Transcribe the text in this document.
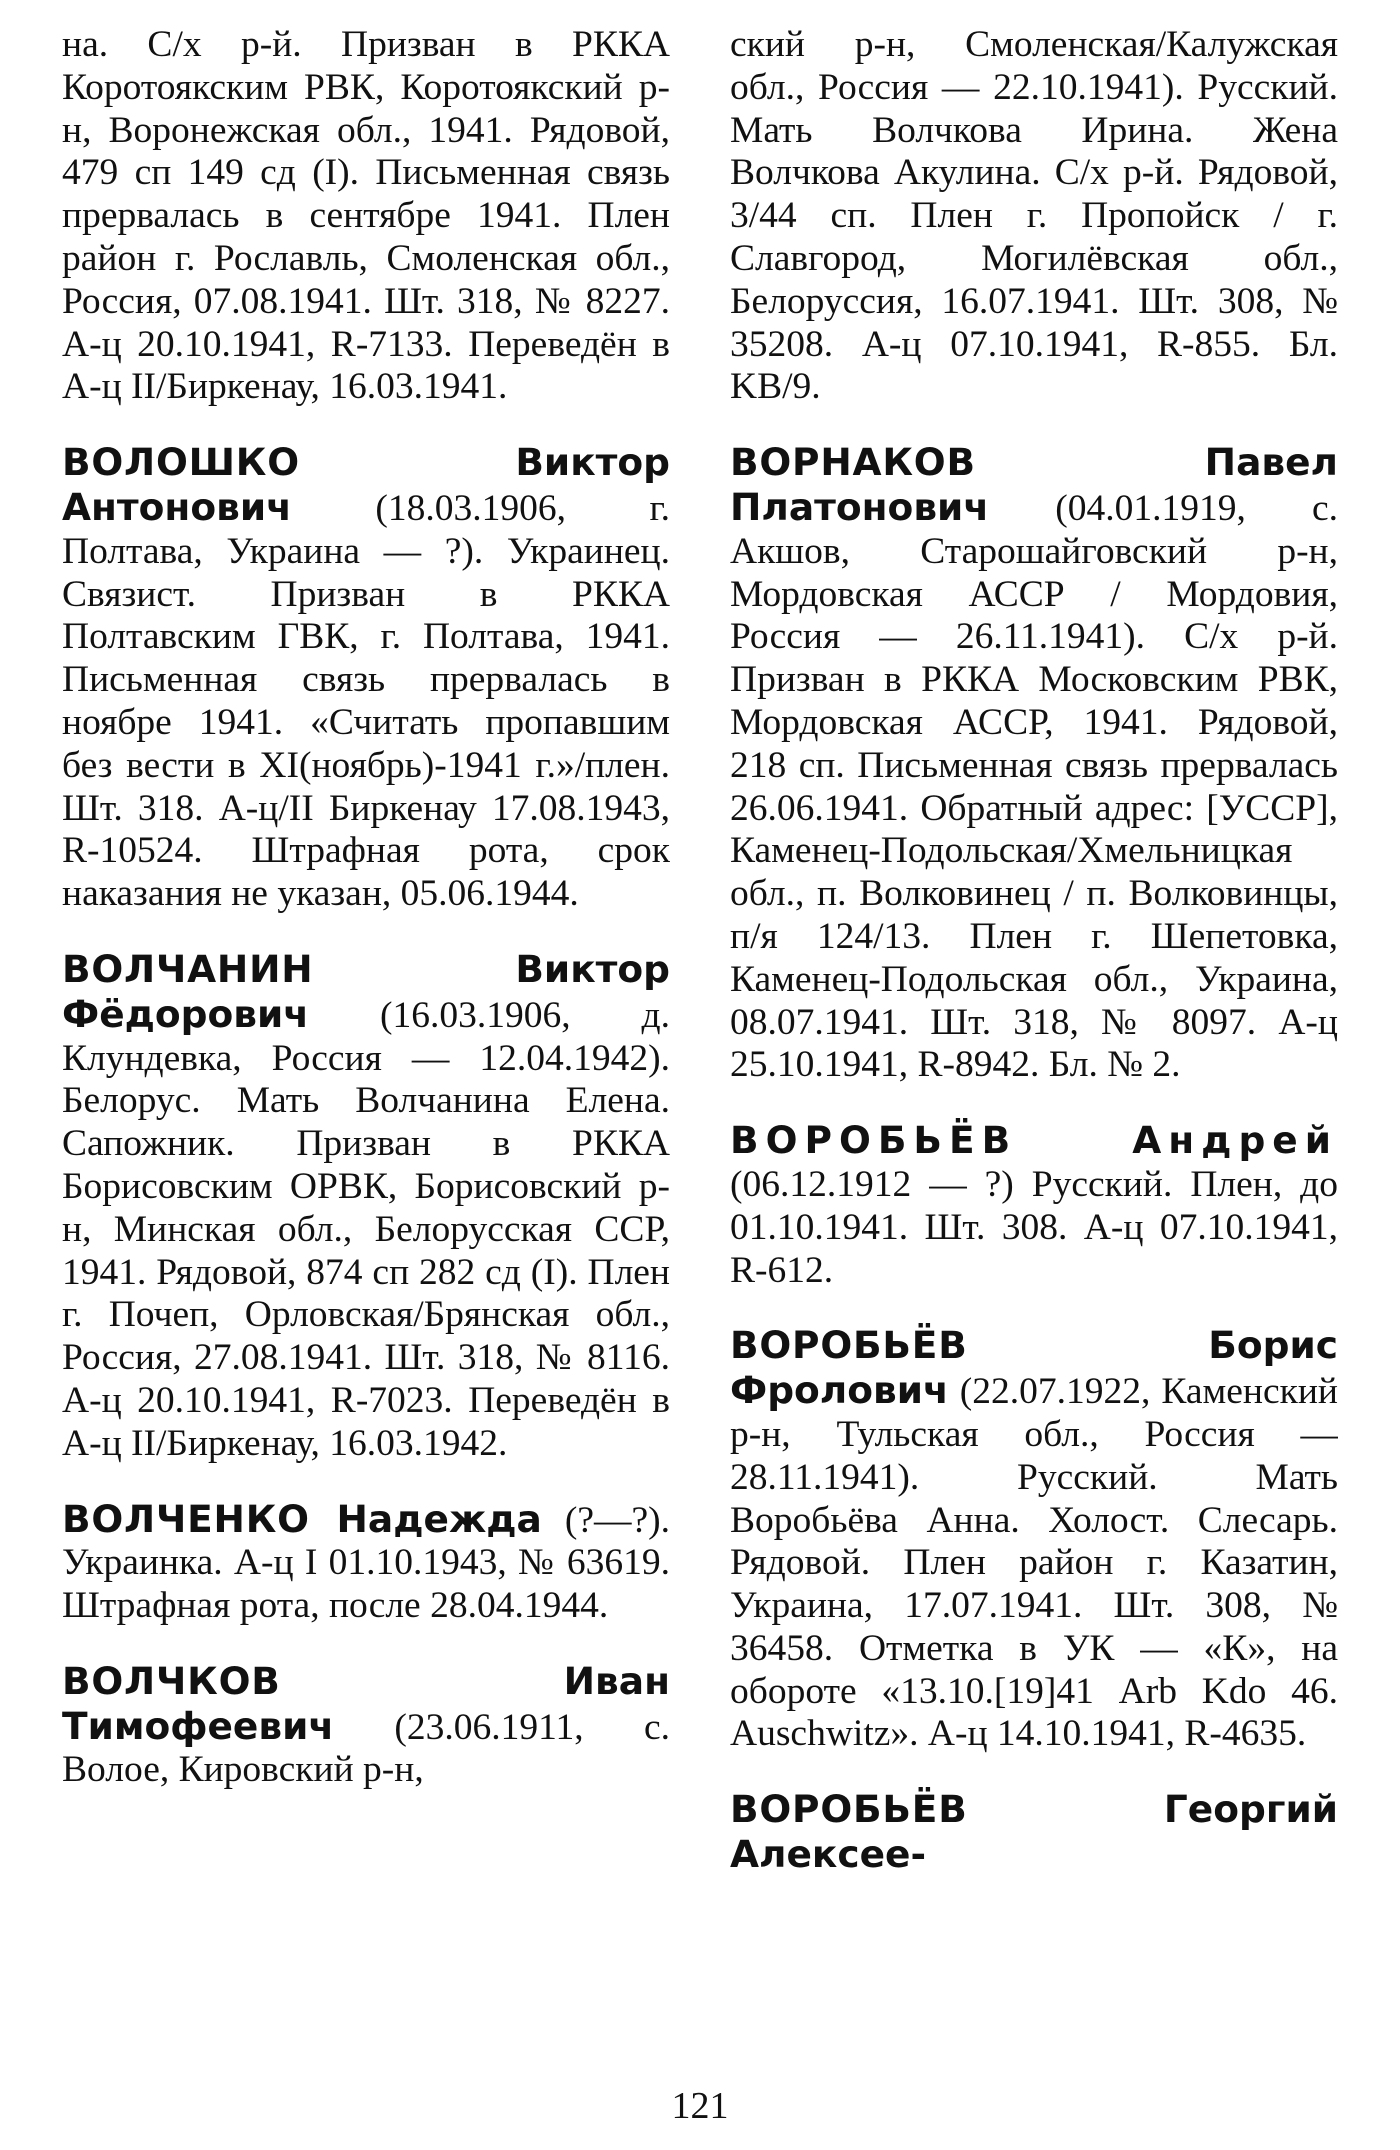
на. С/х р-й. Призван в РККА Коротоякским РВК, Коротоякский р-н, Воронежская обл., 1941. Рядовой, 479 сп 149 сд (I). Письменная связь прервалась в сентябре 1941. Плен район г. Рославль, Смоленская обл., Россия, 07.08.1941. Шт. 318, № 8227. А-ц 20.10.1941, R-7133. Переведён в А-ц II/Биркенау, 16.03.1941.

ВОЛОШКО Виктор Антонович (18.03.1906, г. Полтава, Украина — ?). Украинец. Связист. Призван в РККА Полтавским ГВК, г. Полтава, 1941. Письменная связь прервалась в ноябре 1941. «Считать пропавшим без вести в XI(ноябрь)-1941 г.»/плен. Шт. 318. А-ц/II Биркенау 17.08.1943, R-10524. Штрафная рота, срок наказания не указан, 05.06.1944.

ВОЛЧАНИН Виктор Фёдорович (16.03.1906, д. Клундевка, Россия — 12.04.1942). Белорус. Мать Волчанина Елена. Сапожник. Призван в РККА Борисовским ОРВК, Борисовский р-н, Минская обл., Белорусская ССР, 1941. Рядовой, 874 сп 282 сд (I). Плен г. Почеп, Орловская/Брянская обл., Россия, 27.08.1941. Шт. 318, № 8116. А-ц 20.10.1941, R-7023. Переведён в А-ц II/Биркенау, 16.03.1942.

ВОЛЧЕНКО Надежда (?—?). Украинка. А-ц I 01.10.1943, № 63619. Штрафная рота, после 28.04.1944.

ВОЛЧКОВ Иван Тимофеевич (23.06.1911, с. Волое, Кировский р-н,

ский р-н, Смоленская/Калужская обл., Россия — 22.10.1941). Русский. Мать Волчкова Ирина. Жена Волчкова Акулина. С/х р-й. Рядовой, 3/44 сп. Плен г. Пропойск / г. Славгород, Могилёвская обл., Белоруссия, 16.07.1941. Шт. 308, № 35208. А-ц 07.10.1941, R-855. Бл. KB/9.

ВОРНАКОВ Павел Платонович (04.01.1919, с. Акшов, Старошайговский р-н, Мордовская АССР / Мордовия, Россия — 26.11.1941). С/х р-й. Призван в РККА Московским РВК, Мордовская АССР, 1941. Рядовой, 218 сп. Письменная связь прервалась 26.06.1941. Обратный адрес: [УССР], Каменец-Подольская/Хмельницкая обл., п. Волковинец / п. Волковинцы, п/я 124/13. Плен г. Шепетовка, Каменец-Подольская обл., Украина, 08.07.1941. Шт. 318, № 8097. А-ц 25.10.1941, R-8942. Бл. № 2.

ВОРОБЬЁВ Андрей (06.12.1912 — ?) Русский. Плен, до 01.10.1941. Шт. 308. А-ц 07.10.1941, R-612.

ВОРОБЬЁВ Борис Фролович (22.07.1922, Каменский р-н, Тульская обл., Россия — 28.11.1941). Русский. Мать Воробьёва Анна. Холост. Слесарь. Рядовой. Плен район г. Казатин, Украина, 17.07.1941. Шт. 308, № 36458. Отметка в УК — «К», на обороте «13.10.[19]41 Arb Kdo 46. Auschwitz». А-ц 14.10.1941, R-4635.

ВОРОБЬЁВ Георгий Алексее-

121
